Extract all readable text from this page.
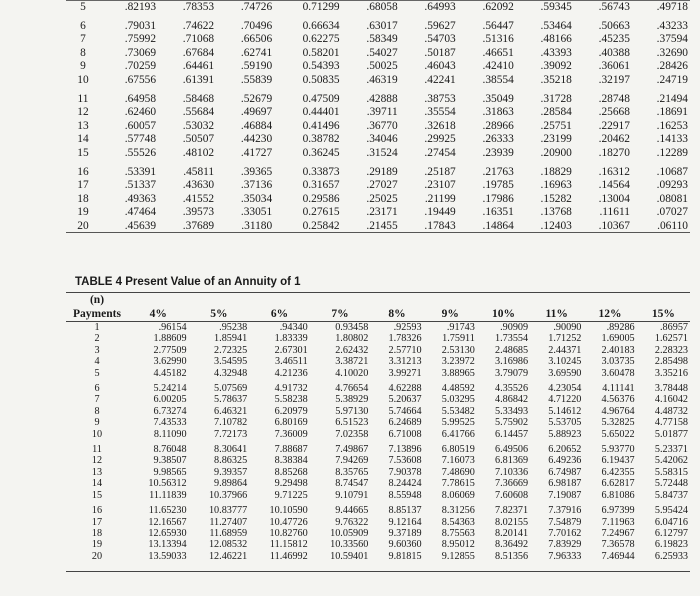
5	.82193	.78353	.74726	0.71299	.68058	.64993	.62092	.59345	.56743	.49718

6	.79031	.74622	.70496	0.66634	.63017	.59627	.56447	.53464	.50663	.43233
7	.75992	.71068	.66506	0.62275	.58349	.54703	.51316	.48166	.45235	.37594
8	.73069	.67684	.62741	0.58201	.54027	.50187	.46651	.43393	.40388	.32690
9	.70259	.64461	.59190	0.54393	.50025	.46043	.42410	.39092	.36061	.28426
10	.67556	.61391	.55839	0.50835	.46319	.42241	.38554	.35218	.32197	.24719

11	.64958	.58468	.52679	0.47509	.42888	.38753	.35049	.31728	.28748	.21494
12	.62460	.55684	.49697	0.44401	.39711	.35554	.31863	.28584	.25668	.18691
13	.60057	.53032	.46884	0.41496	.36770	.32618	.28966	.25751	.22917	.16253
14	.57748	.50507	.44230	0.38782	.34046	.29925	.26333	.23199	.20462	.14133
15	.55526	.48102	.41727	0.36245	.31524	.27454	.23939	.20900	.18270	.12289

16	.53391	.45811	.39365	0.33873	.29189	.25187	.21763	.18829	.16312	.10687
17	.51337	.43630	.37136	0.31657	.27027	.23107	.19785	.16963	.14564	.09293
18	.49363	.41552	.35034	0.29586	.25025	.21199	.17986	.15282	.13004	.08081
19	.47464	.39573	.33051	0.27615	.23171	.19449	.16351	.13768	.11611	.07027
20	.45639	.37689	.31180	0.25842	.21455	.17843	.14864	.12403	.10367	.06110
TABLE 4 Present Value of an Annuity of 1
(n)										
Payments	4%	5%	6%	7%	8%	9%	10%	11%	12%	15%
1	.96154	.95238	.94340	0.93458	.92593	.91743	.90909	.90090	.89286	.86957
2	1.88609	1.85941	1.83339	1.80802	1.78326	1.75911	1.73554	1.71252	1.69005	1.62571
3	2.77509	2.72325	2.67301	2.62432	2.57710	2.53130	2.48685	2.44371	2.40183	2.28323
4	3.62990	3.54595	3.46511	3.38721	3.31213	3.23972	3.16986	3.10245	3.03735	2.85498
5	4.45182	4.32948	4.21236	4.10020	3.99271	3.88965	3.79079	3.69590	3.60478	3.35216

6	5.24214	5.07569	4.91732	4.76654	4.62288	4.48592	4.35526	4.23054	4.11141	3.78448
7	6.00205	5.78637	5.58238	5.38929	5.20637	5.03295	4.86842	4.71220	4.56376	4.16042
8	6.73274	6.46321	6.20979	5.97130	5.74664	5.53482	5.33493	5.14612	4.96764	4.48732
9	7.43533	7.10782	6.80169	6.51523	6.24689	5.99525	5.75902	5.53705	5.32825	4.77158
10	8.11090	7.72173	7.36009	7.02358	6.71008	6.41766	6.14457	5.88923	5.65022	5.01877

11	8.76048	8.30641	7.88687	7.49867	7.13896	6.80519	6.49506	6.20652	5.93770	5.23371
12	9.38507	8.86325	8.38384	7.94269	7.53608	7.16073	6.81369	6.49236	6.19437	5.42062
13	9.98565	9.39357	8.85268	8.35765	7.90378	7.48690	7.10336	6.74987	6.42355	5.58315
14	10.56312	9.89864	9.29498	8.74547	8.24424	7.78615	7.36669	6.98187	6.62817	5.72448
15	11.11839	10.37966	9.71225	9.10791	8.55948	8.06069	7.60608	7.19087	6.81086	5.84737

16	11.65230	10.83777	10.10590	9.44665	8.85137	8.31256	7.82371	7.37916	6.97399	5.95424
17	12.16567	11.27407	10.47726	9.76322	9.12164	8.54363	8.02155	7.54879	7.11963	6.04716
18	12.65930	11.68959	10.82760	10.05909	9.37189	8.75563	8.20141	7.70162	7.24967	6.12797
19	13.13394	12.08532	11.15812	10.33560	9.60360	8.95012	8.36492	7.83929	7.36578	6.19823
20	13.59033	12.46221	11.46992	10.59401	9.81815	9.12855	8.51356	7.96333	7.46944	6.25933
